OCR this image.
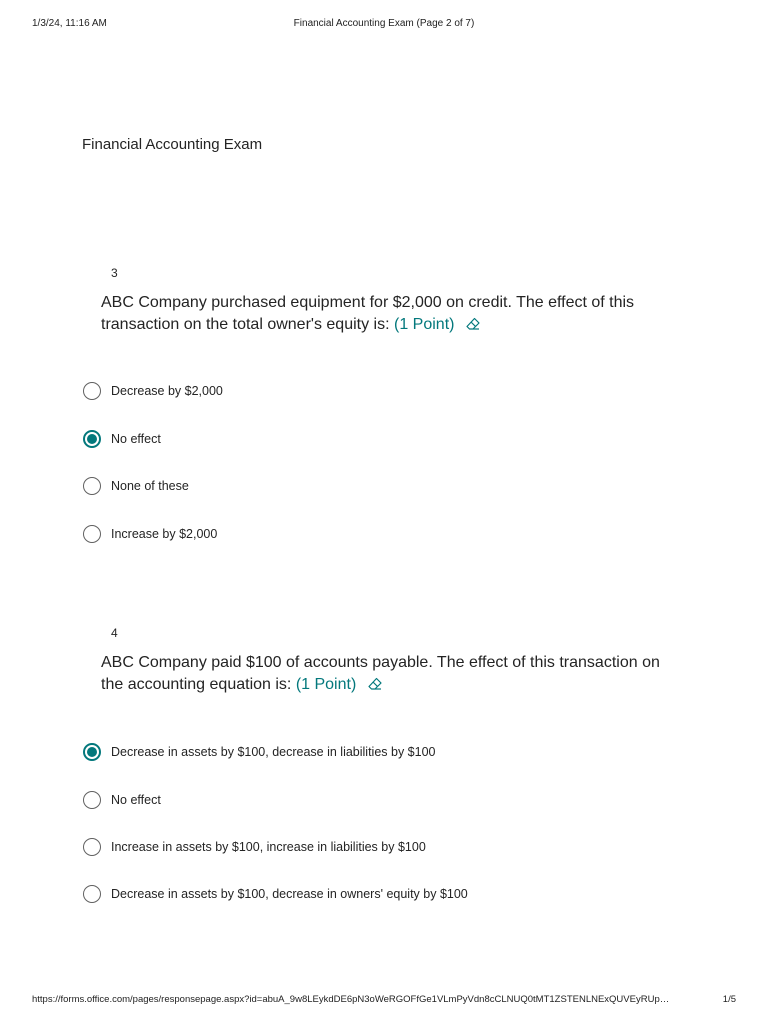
1/3/24, 11:16 AM	Financial Accounting Exam (Page 2 of 7)
Financial Accounting Exam
3
ABC Company purchased equipment for $2,000 on credit. The effect of this transaction on the total owner's equity is: (1 Point)
Decrease by $2,000
No effect
None of these
Increase by $2,000
4
ABC Company paid $100 of accounts payable. The effect of this transaction on the accounting equation is: (1 Point)
Decrease in assets by $100, decrease in liabilities by $100
No effect
Increase in assets by $100, increase in liabilities by $100
Decrease in assets by $100, decrease in owners' equity by $100
https://forms.office.com/pages/responsepage.aspx?id=abuA_9w8LEykdDE6pN3oWeRGOFfGe1VLmPyVdn8cCLNUQ0tMT1ZSTENLNExQUVEyRUp…	1/5
